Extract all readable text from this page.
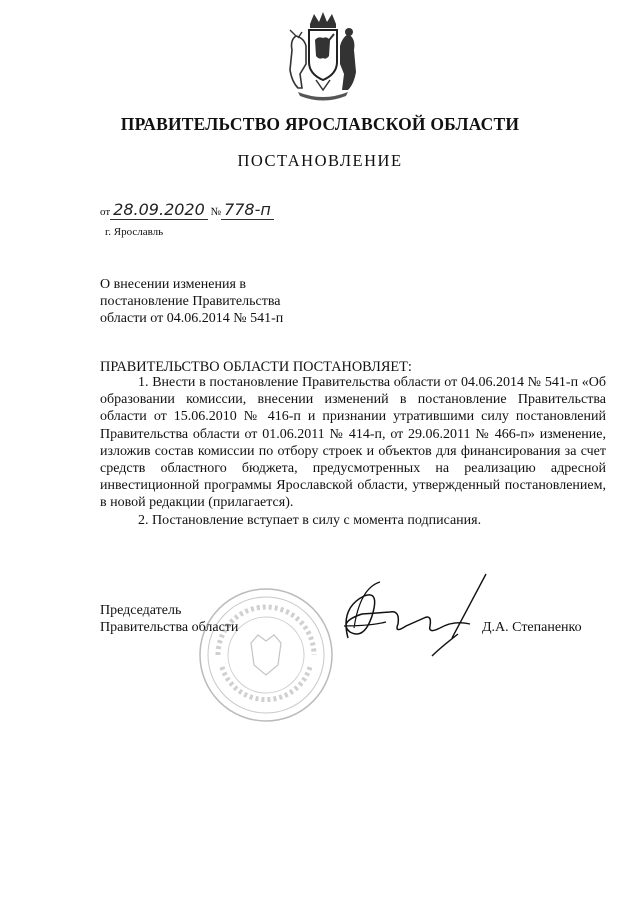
ПРАВИТЕЛЬСТВО ЯРОСЛАВСКОЙ ОБЛАСТИ
ПОСТАНОВЛЕНИЕ
от 28.09.2020 № 778-п
г. Ярославль
О внесении изменения в
постановление Правительства
области от 04.06.2014 № 541-п
ПРАВИТЕЛЬСТВО ОБЛАСТИ ПОСТАНОВЛЯЕТ:

1. Внести в постановление Правительства области от 04.06.2014 № 541-п «Об образовании комиссии, внесении изменений в постановление Правительства области от 15.06.2010 № 416-п и признании утратившими силу постановлений Правительства области от 01.06.2011 № 414-п, от 29.06.2011 № 466-п» изменение, изложив состав комиссии по отбору строек и объектов для финансирования за счет средств областного бюджета, предусмотренных на реализацию адресной инвестиционной программы Ярославской области, утвержденный постановлением, в новой редакции (прилагается).

2. Постановление вступает в силу с момента подписания.

Председатель
Правительства области	Д.А. Степаненко
